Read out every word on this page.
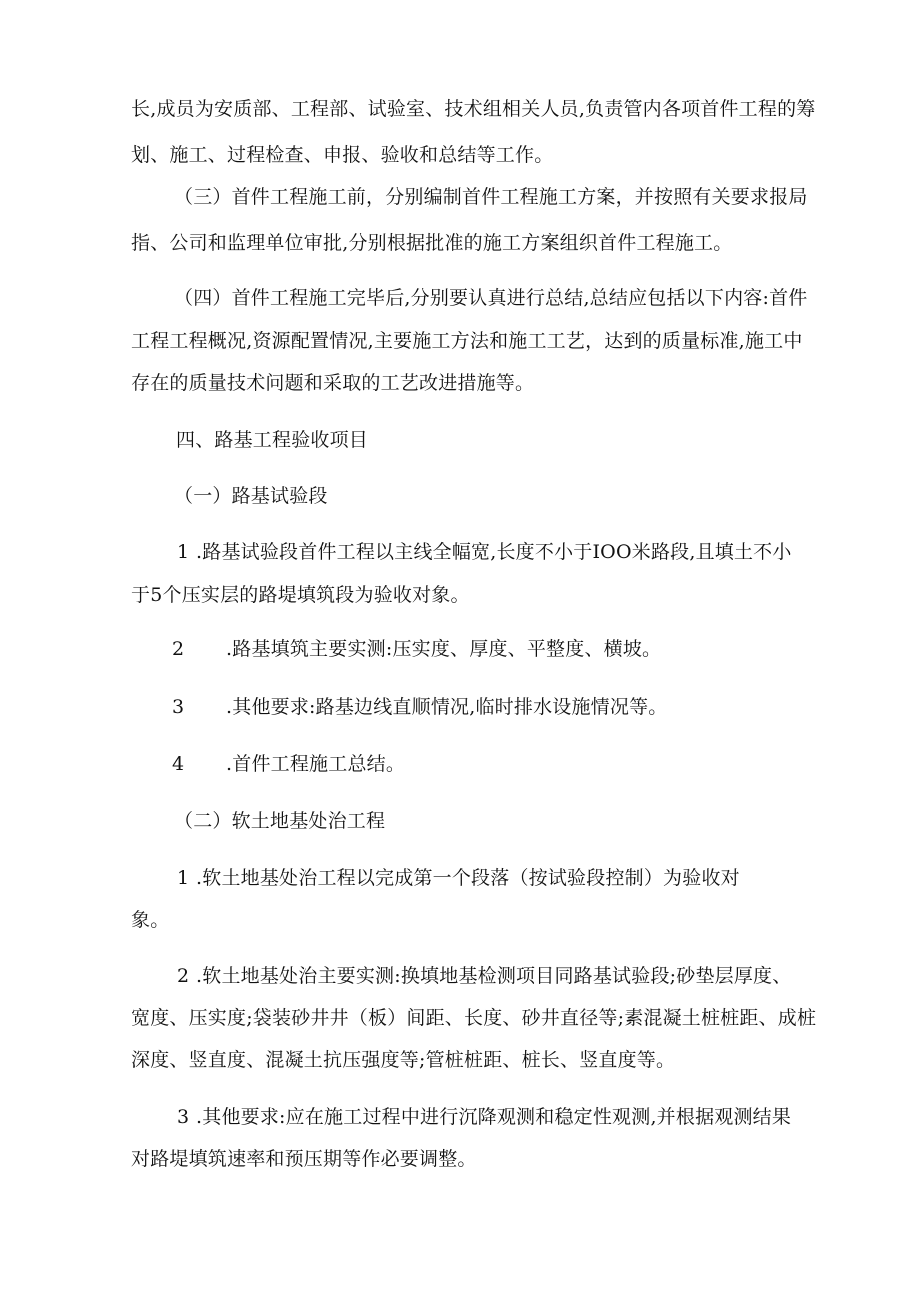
长,成员为安质部、工程部、试验室、技术组相关人员,负责管内各项首件工程的筹
划、施工、过程检查、申报、验收和总结等工作。
（三）首件工程施工前，分别编制首件工程施工方案，并按照有关要求报局
指、公司和监理单位审批,分别根据批准的施工方案组织首件工程施工。
（四）首件工程施工完毕后,分别要认真进行总结,总结应包括以下内容:首件
工程工程概况,资源配置情况,主要施工方法和施工工艺，达到的质量标准,施工中
存在的质量技术问题和采取的工艺改进措施等。
四、路基工程验收项目
（一）路基试验段
1 .路基试验段首件工程以主线全幅宽,长度不小于IOO米路段,且填土不小
于5个压实层的路堤填筑段为验收对象。
2 .路基填筑主要实测:压实度、厚度、平整度、横坡。
3 .其他要求:路基边线直顺情况,临时排水设施情况等。
4 .首件工程施工总结。
（二）软土地基处治工程
1 .软土地基处治工程以完成第一个段落（按试验段控制）为验收对
象。
2 .软土地基处治主要实测:换填地基检测项目同路基试验段;砂垫层厚度、
宽度、压实度;袋装砂井井（板）间距、长度、砂井直径等;素混凝土桩桩距、成桩
深度、竖直度、混凝土抗压强度等;管桩桩距、桩长、竖直度等。
3 .其他要求:应在施工过程中进行沉降观测和稳定性观测,并根据观测结果
对路堤填筑速率和预压期等作必要调整。
